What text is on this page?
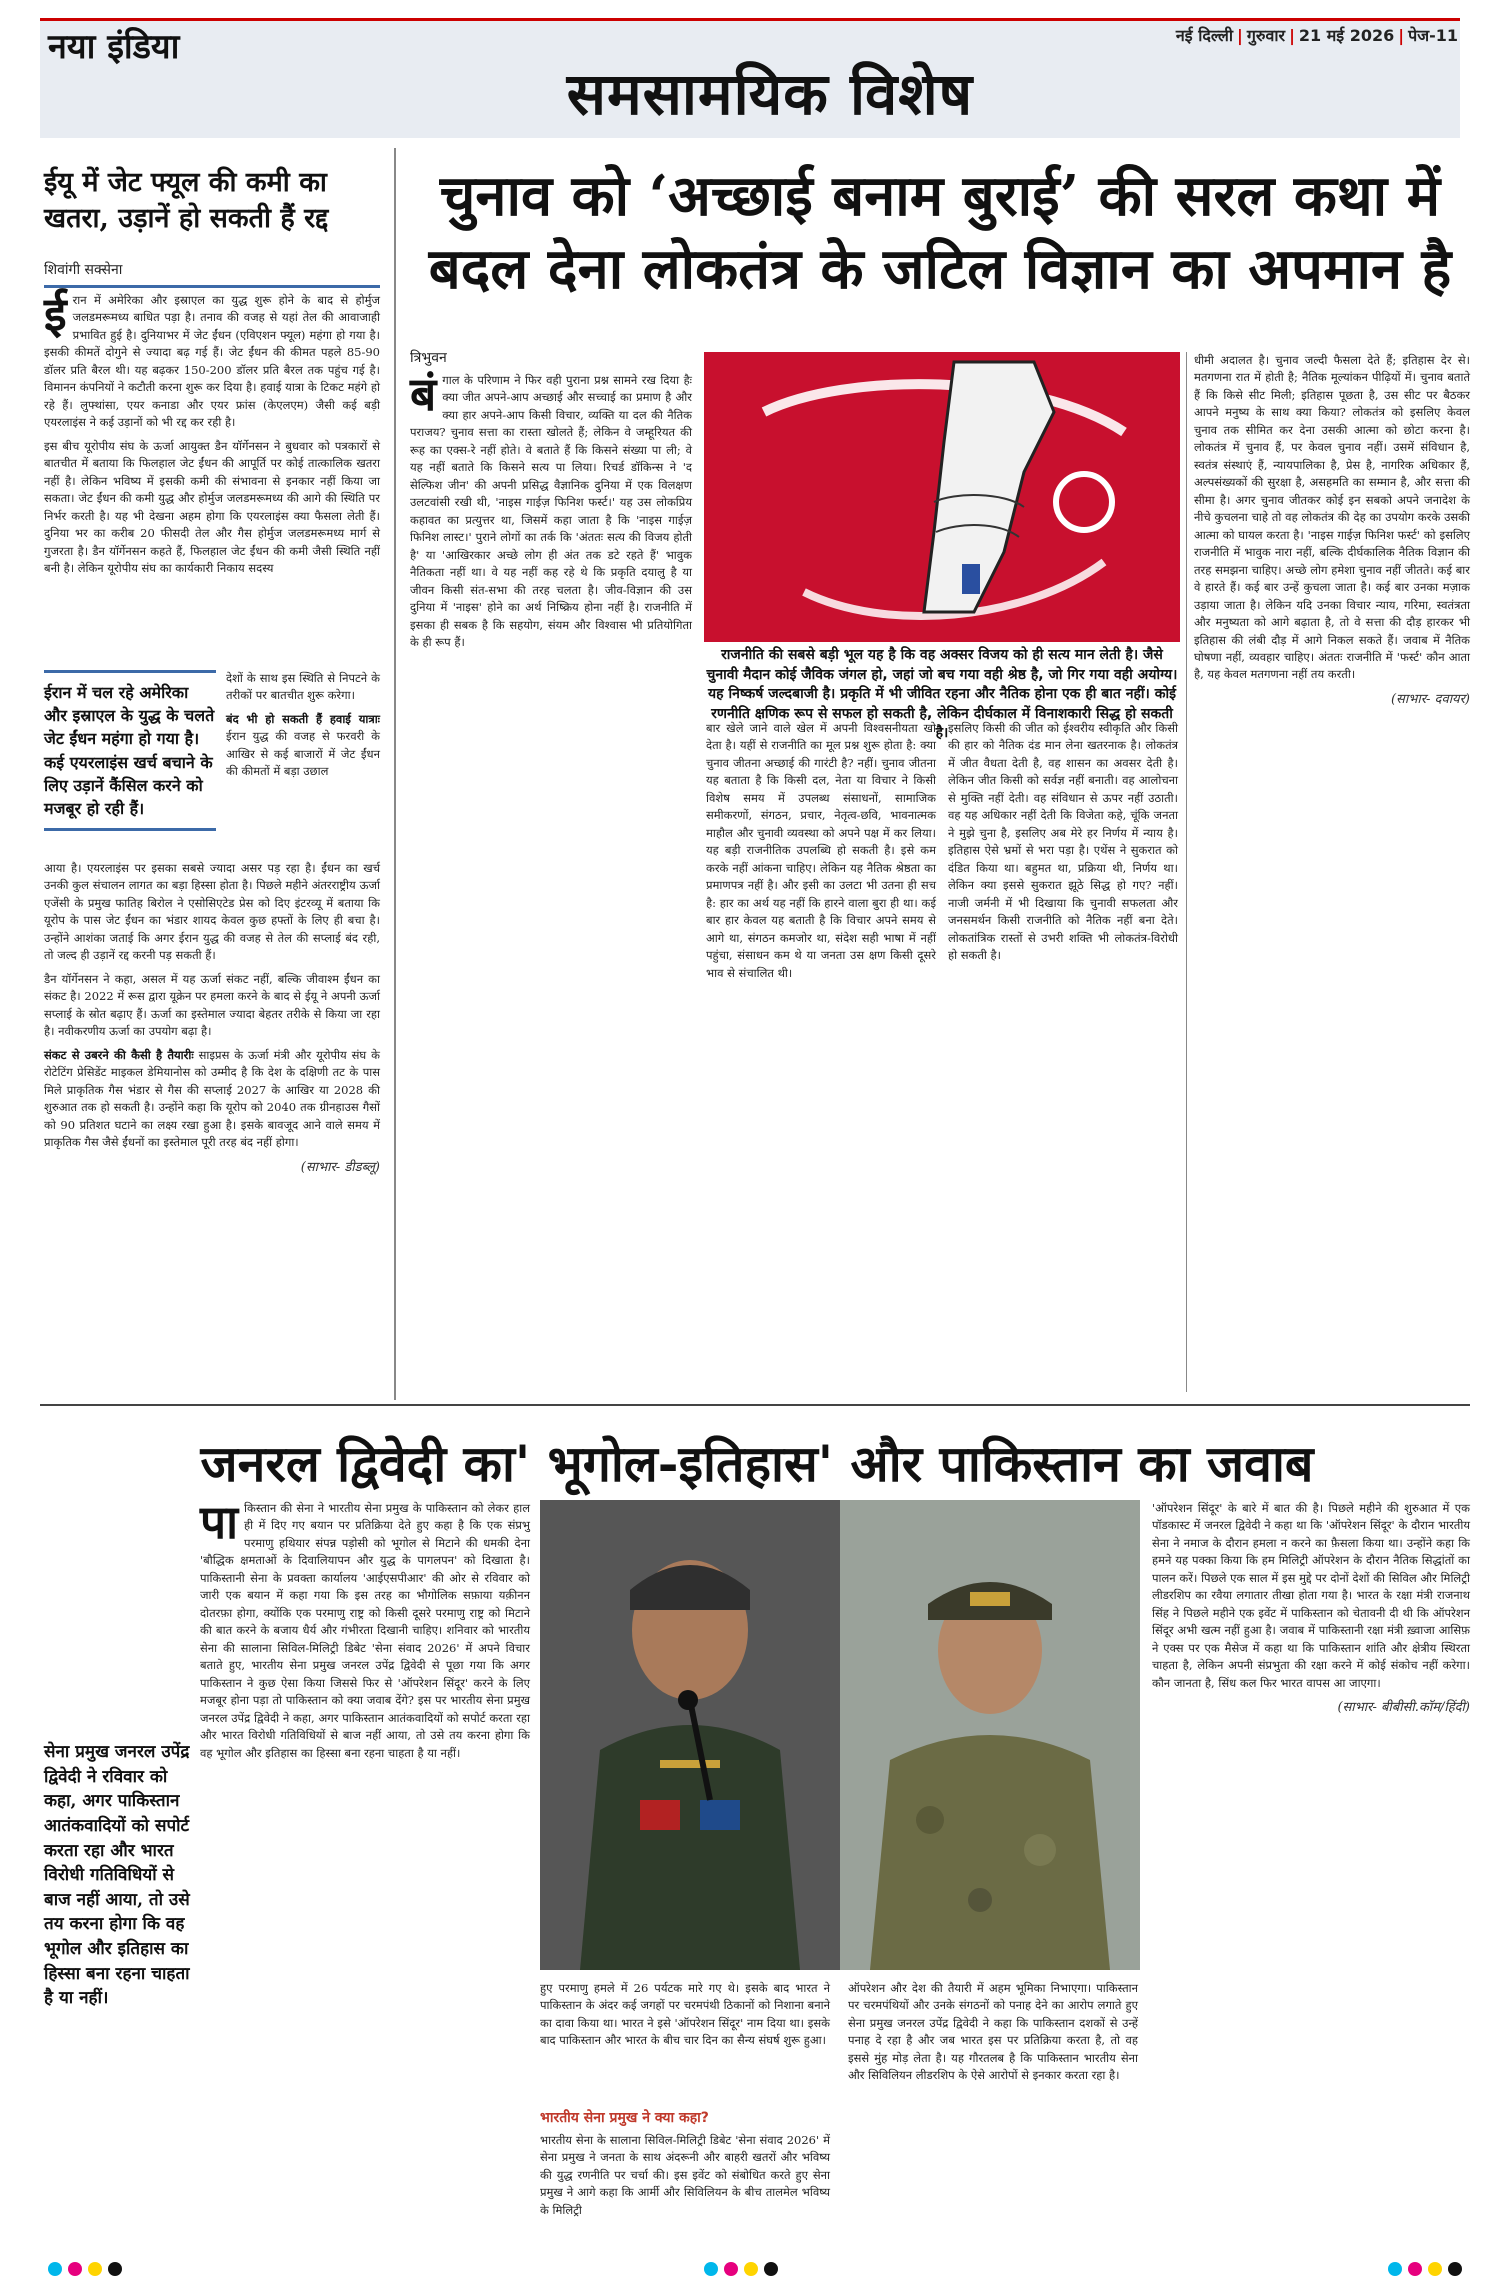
नया इंडिया	नई दिल्ली | गुरुवार | 21 मई 2026 | पेज-11
समसामयिक विशेष
ईयू में जेट फ्यूल की कमी का खतरा, उड़ानें हो सकती हैं रद्द
शिवांगी सक्सेना

ईरान में अमेरिका और इस्राएल का युद्ध शुरू होने के बाद से होर्मुज जलडमरूमध्य बाधित पड़ा है। तनाव की वजह से यहां तेल की आवाजाही प्रभावित हुई है। दुनियाभर में जेट ईंधन (एविएशन फ्यूल) महंगा हो गया है। इसकी कीमतें दोगुने से ज्यादा बढ़ गई हैं। जेट ईंधन की कीमत पहले 85-90 डॉलर प्रति बैरल थी। यह बढ़कर 150-200 डॉलर प्रति बैरल तक पहुंच गई है। विमानन कंपनियों ने कटौती करना शुरू कर दिया है। हवाई यात्रा के टिकट महंगे हो रहे हैं। लुफ्थांसा, एयर कनाडा और एयर फ्रांस (केएलएम) जैसी कई बड़ी एयरलाइंस ने कई उड़ानों को भी रद्द कर रही है।

इस बीच यूरोपीय संघ के ऊर्जा आयुक्त डैन यॉर्गेनसन ने बुधवार को पत्रकारों से बातचीत में बताया कि फिलहाल जेट ईंधन की आपूर्ति पर कोई तात्कालिक खतरा नहीं है। लेकिन भविष्य में इसकी कमी की संभावना से इनकार नहीं किया जा सकता। जेट ईंधन की कमी युद्ध और होर्मुज जलडमरूमध्य की आगे की स्थिति पर निर्भर करती है। यह भी देखना अहम होगा कि एयरलाइंस क्या फैसला लेती हैं। दुनिया भर का करीब 20 फीसदी तेल और गैस होर्मुज जलडमरूमध्य मार्ग से गुजरता है। डैन यॉर्गेनसन कहते हैं, फिलहाल जेट ईंधन की कमी जैसी स्थिति नहीं बनी है। लेकिन यूरोपीय संघ का कार्यकारी निकाय सदस्य

ईरान में चल रहे अमेरिका और इस्राएल के युद्ध के चलते जेट ईंधन महंगा हो गया है। कई एयरलाइंस खर्च बचाने के लिए उड़ानें कैंसिल करने को मजबूर हो रही हैं।

देशों के साथ इस स्थिति से निपटने के तरीकों पर बातचीत शुरू करेगा।

बंद भी हो सकती हैं हवाई यात्राः ईरान युद्ध की वजह से फरवरी के आखिर से कई बाजारों में जेट ईंधन की कीमतों में बड़ा उछाल

आया है। एयरलाइंस पर इसका सबसे ज्यादा असर पड़ रहा है। ईंधन का खर्च उनकी कुल संचालन लागत का बड़ा हिस्सा होता है। पिछले महीने अंतरराष्ट्रीय ऊर्जा एजेंसी के प्रमुख फातिह बिरोल ने एसोसिएटेड प्रेस को दिए इंटरव्यू में बताया कि यूरोप के पास जेट ईंधन का भंडार शायद केवल कुछ हफ्तों के लिए ही बचा है। उन्होंने आशंका जताई कि अगर ईरान युद्ध की वजह से तेल की सप्लाई बंद रही, तो जल्द ही उड़ानें रद्द करनी पड़ सकती हैं।

डैन यॉर्गेनसन ने कहा, असल में यह ऊर्जा संकट नहीं, बल्कि जीवाश्म ईंधन का संकट है। 2022 में रूस द्वारा यूक्रेन पर हमला करने के बाद से ईयू ने अपनी ऊर्जा सप्लाई के स्रोत बढ़ाए हैं। ऊर्जा का इस्तेमाल ज्यादा बेहतर तरीके से किया जा रहा है। नवीकरणीय ऊर्जा का उपयोग बढ़ा है।

संकट से उबरने की कैसी है तैयारीः साइप्रस के ऊर्जा मंत्री और यूरोपीय संघ के रोटेटिंग प्रेसिडेंट माइकल डेमियानोस को उम्मीद है कि देश के दक्षिणी तट के पास मिले प्राकृतिक गैस भंडार से गैस की सप्लाई 2027 के आखिर या 2028 की शुरुआत तक हो सकती है। उन्होंने कहा कि यूरोप को 2040 तक ग्रीनहाउस गैसों को 90 प्रतिशत घटाने का लक्ष्य रखा हुआ है। इसके बावजूद आने वाले समय में प्राकृतिक गैस जैसे ईंधनों का इस्तेमाल पूरी तरह बंद नहीं होगा।

(साभार- डीडब्लू)

चुनाव को ‘अच्छाई बनाम बुराई’ की सरल कथा में बदल देना लोकतंत्र के जटिल विज्ञान का अपमान है
त्रिभुवन

बंगाल के परिणाम ने फिर वही पुराना प्रश्न सामने रख दिया हैः क्या जीत अपने-आप अच्छाई और सच्चाई का प्रमाण है और क्या हार अपने-आप किसी विचार, व्यक्ति या दल की नैतिक पराजय? चुनाव सत्ता का रास्ता खोलते हैं; लेकिन वे जम्हूरियत की रूह का एक्स-रे नहीं होते। वे बताते हैं कि किसने संख्या पा ली; वे यह नहीं बताते कि किसने सत्य पा लिया। रिचर्ड डॉकिन्स ने 'द सेल्फिश जीन' की अपनी प्रसिद्ध वैज्ञानिक दुनिया में एक विलक्षण उलटवांसी रखी थी, 'नाइस गाईज़ फिनिश फर्स्ट।' यह उस लोकप्रिय कहावत का प्रत्युत्तर था, जिसमें कहा जाता है कि 'नाइस गाईज़ फिनिश लास्ट।' पुराने लोगों का तर्क कि 'अंततः सत्य की विजय होती है' या 'आखिरकार अच्छे लोग ही अंत तक डटे रहते हैं' भावुक नैतिकता नहीं था। वे यह नहीं कह रहे थे कि प्रकृति दयालु है या जीवन किसी संत-सभा की तरह चलता है। जीव-विज्ञान की उस दुनिया में 'नाइस' होने का अर्थ निष्क्रिय होना नहीं है। राजनीति में इसका ही सबक है कि सहयोग, संयम और विश्वास भी प्रतियोगिता के ही रूप हैं।

राजनीति की सबसे बड़ी भूल यह है कि वह अक्सर विजय को ही सत्य मान लेती है। जैसे चुनावी मैदान कोई जैविक जंगल हो, जहां जो बच गया वही श्रेष्ठ है, जो गिर गया वही अयोग्य। यह निष्कर्ष जल्दबाजी है। प्रकृति में भी जीवित रहना और नैतिक होना एक ही बात नहीं। कोई रणनीति क्षणिक रूप से सफल हो सकती है, लेकिन दीर्घकाल में विनाशकारी सिद्ध हो सकती है।

बार खेले जाने वाले खेल में अपनी विश्वसनीयता खो देता है। यहीं से राजनीति का मूल प्रश्न शुरू होता है: क्या चुनाव जीतना अच्छाई की गारंटी है? नहीं। चुनाव जीतना यह बताता है कि किसी दल, नेता या विचार ने किसी विशेष समय में उपलब्ध संसाधनों, सामाजिक समीकरणों, संगठन, प्रचार, नेतृत्व-छवि, भावनात्मक माहौल और चुनावी व्यवस्था को अपने पक्ष में कर लिया। यह बड़ी राजनीतिक उपलब्धि हो सकती है। इसे कम करके नहीं आंकना चाहिए। लेकिन यह नैतिक श्रेष्ठता का प्रमाणपत्र नहीं है। और इसी का उलटा भी उतना ही सच है: हार का अर्थ यह नहीं कि हारने वाला बुरा ही था। कई बार हार केवल यह बताती है कि विचार अपने समय से आगे था, संगठन कमजोर था, संदेश सही भाषा में नहीं पहुंचा, संसाधन कम थे या जनता उस क्षण किसी दूसरे भाव से संचालित थी।

इसलिए किसी की जीत को ईश्वरीय स्वीकृति और किसी की हार को नैतिक दंड मान लेना खतरनाक है। लोकतंत्र में जीत वैधता देती है, वह शासन का अवसर देती है। लेकिन जीत किसी को सर्वज्ञ नहीं बनाती। वह आलोचना से मुक्ति नहीं देती। वह संविधान से ऊपर नहीं उठाती। वह यह अधिकार नहीं देती कि विजेता कहे, चूंकि जनता ने मुझे चुना है, इसलिए अब मेरे हर निर्णय में न्याय है। इतिहास ऐसे भ्रमों से भरा पड़ा है। एथेंस ने सुकरात को दंडित किया था। बहुमत था, प्रक्रिया थी, निर्णय था। लेकिन क्या इससे सुकरात झूठे सिद्ध हो गए? नहीं। नाजी जर्मनी में भी दिखाया कि चुनावी सफलता और जनसमर्थन किसी राजनीति को नैतिक नहीं बना देते। लोकतांत्रिक रास्तों से उभरी शक्ति भी लोकतंत्र-विरोधी हो सकती है।

धीमी अदालत है। चुनाव जल्दी फैसला देते हैं; इतिहास देर से। मतगणना रात में होती है; नैतिक मूल्यांकन पीढ़ियों में। चुनाव बताते हैं कि किसे सीट मिली; इतिहास पूछता है, उस सीट पर बैठकर आपने मनुष्य के साथ क्या किया? लोकतंत्र को इसलिए केवल चुनाव तक सीमित कर देना उसकी आत्मा को छोटा करना है। लोकतंत्र में चुनाव हैं, पर केवल चुनाव नहीं। उसमें संविधान है, स्वतंत्र संस्थाएं हैं, न्यायपालिका है, प्रेस है, नागरिक अधिकार हैं, अल्पसंख्यकों की सुरक्षा है, असहमति का सम्मान है, और सत्ता की सीमा है। अगर चुनाव जीतकर कोई इन सबको अपने जनादेश के नीचे कुचलना चाहे तो वह लोकतंत्र की देह का उपयोग करके उसकी आत्मा को घायल करता है। 'नाइस गाईज़ फिनिश फर्स्ट' को इसलिए राजनीति में भावुक नारा नहीं, बल्कि दीर्घकालिक नैतिक विज्ञान की तरह समझना चाहिए। अच्छे लोग हमेशा चुनाव नहीं जीतते। कई बार वे हारते हैं। कई बार उन्हें कुचला जाता है। कई बार उनका मज़ाक उड़ाया जाता है। लेकिन यदि उनका विचार न्याय, गरिमा, स्वतंत्रता और मनुष्यता को आगे बढ़ाता है, तो वे सत्ता की दौड़ हारकर भी इतिहास की लंबी दौड़ में आगे निकल सकते हैं। जवाब में नैतिक घोषणा नहीं, व्यवहार चाहिए। अंततः राजनीति में 'फर्स्ट' कौन आता है, यह केवल मतगणना नहीं तय करती।

(साभार- दवायर)

जनरल द्विवेदी का' भूगोल-इतिहास' और पाकिस्तान का जवाब

पाकिस्तान की सेना ने भारतीय सेना प्रमुख के पाकिस्तान को लेकर हाल ही में दिए गए बयान पर प्रतिक्रिया देते हुए कहा है कि एक संप्रभु परमाणु हथियार संपन्न पड़ोसी को भूगोल से मिटाने की धमकी देना 'बौद्धिक क्षमताओं के दिवालियापन और युद्ध के पागलपन' को दिखाता है। पाकिस्तानी सेना के प्रवक्ता कार्यालय 'आईएसपीआर' की ओर से रविवार को जारी एक बयान में कहा गया कि इस तरह का भौगोलिक सफ़ाया यक़ीनन दोतरफ़ा होगा, क्योंकि एक परमाणु राष्ट्र को किसी दूसरे परमाणु राष्ट्र को मिटाने की बात करने के बजाय धैर्य और गंभीरता दिखानी चाहिए। शनिवार को भारतीय सेना की सालाना सिविल-मिलिट्री डिबेट 'सेना संवाद 2026' में अपने विचार बताते हुए, भारतीय सेना प्रमुख जनरल उपेंद्र द्विवेदी से पूछा गया कि अगर पाकिस्तान ने कुछ ऐसा किया जिससे फिर से 'ऑपरेशन सिंदूर' करने के लिए मजबूर होना पड़ा तो पाकिस्तान को क्या जवाब देंगे? इस पर भारतीय सेना प्रमुख जनरल उपेंद्र द्विवेदी ने कहा, अगर पाकिस्तान आतंकवादियों को सपोर्ट करता रहा और भारत विरोधी गतिविधियों से बाज नहीं आया, तो उसे तय करना होगा कि वह भूगोल और इतिहास का हिस्सा बना रहना चाहता है या नहीं।

सेना प्रमुख जनरल उपेंद्र द्विवेदी ने रविवार को कहा, अगर पाकिस्तान आतंकवादियों को सपोर्ट करता रहा और भारत विरोधी गतिविधियों से बाज नहीं आया, तो उसे तय करना होगा कि वह भूगोल और इतिहास का हिस्सा बना रहना चाहता है या नहीं।

हुए परमाणु हमले में 26 पर्यटक मारे गए थे। इसके बाद भारत ने पाकिस्तान के अंदर कई जगहों पर चरमपंथी ठिकानों को निशाना बनाने का दावा किया था। भारत ने इसे 'ऑपरेशन सिंदूर' नाम दिया था। इसके बाद पाकिस्तान और भारत के बीच चार दिन का सैन्य संघर्ष शुरू हुआ।

भारतीय सेना प्रमुख ने क्या कहा?

भारतीय सेना के सालाना सिविल-मिलिट्री डिबेट 'सेना संवाद 2026' में सेना प्रमुख ने जनता के साथ अंदरूनी और बाहरी खतरों और भविष्य की युद्ध रणनीति पर चर्चा की। इस इवेंट को संबोधित करते हुए सेना प्रमुख ने आगे कहा कि आर्मी और सिविलियन के बीच तालमेल भविष्य के मिलिट्री

ऑपरेशन और देश की तैयारी में अहम भूमिका निभाएगा। पाकिस्तान पर चरमपंथियों और उनके संगठनों को पनाह देने का आरोप लगाते हुए सेना प्रमुख जनरल उपेंद्र द्विवेदी ने कहा कि पाकिस्तान दशकों से उन्हें पनाह दे रहा है और जब भारत इस पर प्रतिक्रिया करता है, तो वह इससे मुंह मोड़ लेता है। यह गौरतलब है कि पाकिस्तान भारतीय सेना और सिविलियन लीडरशिप के ऐसे आरोपों से इनकार करता रहा है।

'ऑपरेशन सिंदूर' के बारे में बात की है। पिछले महीने की शुरुआत में एक पॉडकास्ट में जनरल द्विवेदी ने कहा था कि 'ऑपरेशन सिंदूर' के दौरान भारतीय सेना ने नमाज के दौरान हमला न करने का फ़ैसला किया था। उन्होंने कहा कि हमने यह पक्का किया कि हम मिलिट्री ऑपरेशन के दौरान नैतिक सिद्धांतों का पालन करें। पिछले एक साल में इस मुद्दे पर दोनों देशों की सिविल और मिलिट्री लीडरशिप का रवैया लगातार तीखा होता गया है। भारत के रक्षा मंत्री राजनाथ सिंह ने पिछले महीने एक इवेंट में पाकिस्तान को चेतावनी दी थी कि ऑपरेशन सिंदूर अभी खत्म नहीं हुआ है। जवाब में पाकिस्तानी रक्षा मंत्री ख़्वाजा आसिफ़ ने एक्स पर एक मैसेज में कहा था कि पाकिस्तान शांति और क्षेत्रीय स्थिरता चाहता है, लेकिन अपनी संप्रभुता की रक्षा करने में कोई संकोच नहीं करेगा। कौन जानता है, सिंध कल फिर भारत वापस आ जाएगा।

(साभार- बीबीसी.कॉम/हिंदी)
